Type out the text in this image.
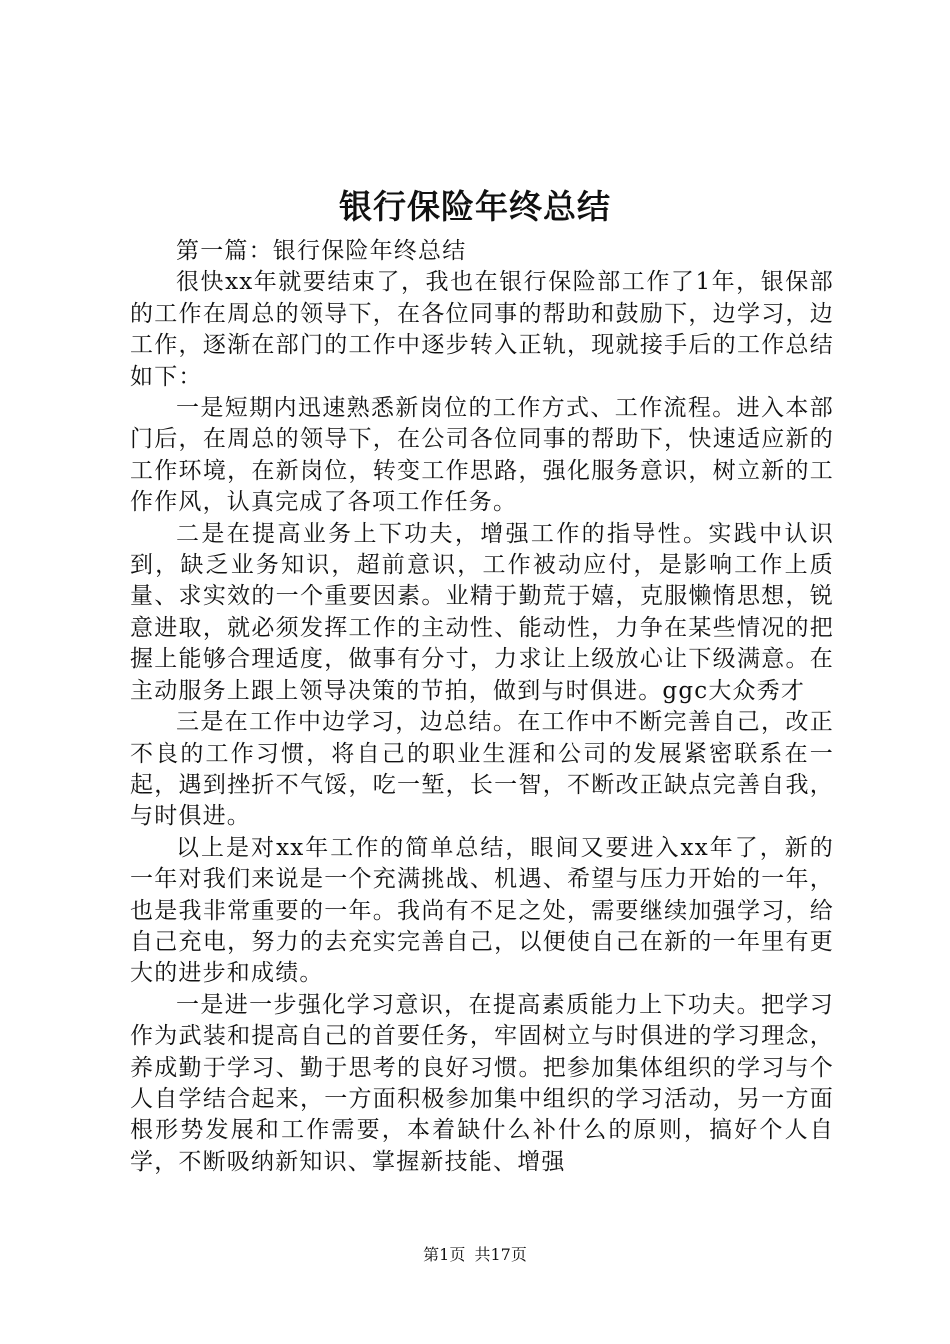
银行保险年终总结

第一篇：银行保险年终总结

很快xx年就要结束了，我也在银行保险部工作了1年，银保部的工作在周总的领导下，在各位同事的帮助和鼓励下，边学习，边工作，逐渐在部门的工作中逐步转入正轨，现就接手后的工作总结如下：

一是短期内迅速熟悉新岗位的工作方式、工作流程。进入本部门后，在周总的领导下，在公司各位同事的帮助下，快速适应新的工作环境，在新岗位，转变工作思路，强化服务意识，树立新的工作作风，认真完成了各项工作任务。

二是在提高业务上下功夫，增强工作的指导性。实践中认识到，缺乏业务知识，超前意识，工作被动应付，是影响工作上质量、求实效的一个重要因素。业精于勤荒于嬉，克服懒惰思想，锐意进取，就必须发挥工作的主动性、能动性，力争在某些情况的把握上能够合理适度，做事有分寸，力求让上级放心让下级满意。在主动服务上跟上领导决策的节拍，做到与时俱进。ggc大众秀才

三是在工作中边学习，边总结。在工作中不断完善自己，改正不良的工作习惯，将自己的职业生涯和公司的发展紧密联系在一起，遇到挫折不气馁，吃一堑，长一智，不断改正缺点完善自我，与时俱进。

以上是对xx年工作的简单总结，眼间又要进入xx年了，新的一年对我们来说是一个充满挑战、机遇、希望与压力开始的一年，也是我非常重要的一年。我尚有不足之处，需要继续加强学习，给自己充电，努力的去充实完善自己，以便使自己在新的一年里有更大的进步和成绩。

一是进一步强化学习意识，在提高素质能力上下功夫。把学习作为武装和提高自己的首要任务，牢固树立与时俱进的学习理念，养成勤于学习、勤于思考的良好习惯。把参加集体组织的学习与个人自学结合起来，一方面积极参加集中组织的学习活动，另一方面根形势发展和工作需要，本着缺什么补什么的原则，搞好个人自学，不断吸纳新知识、掌握新技能、增强

第1页 共17页
